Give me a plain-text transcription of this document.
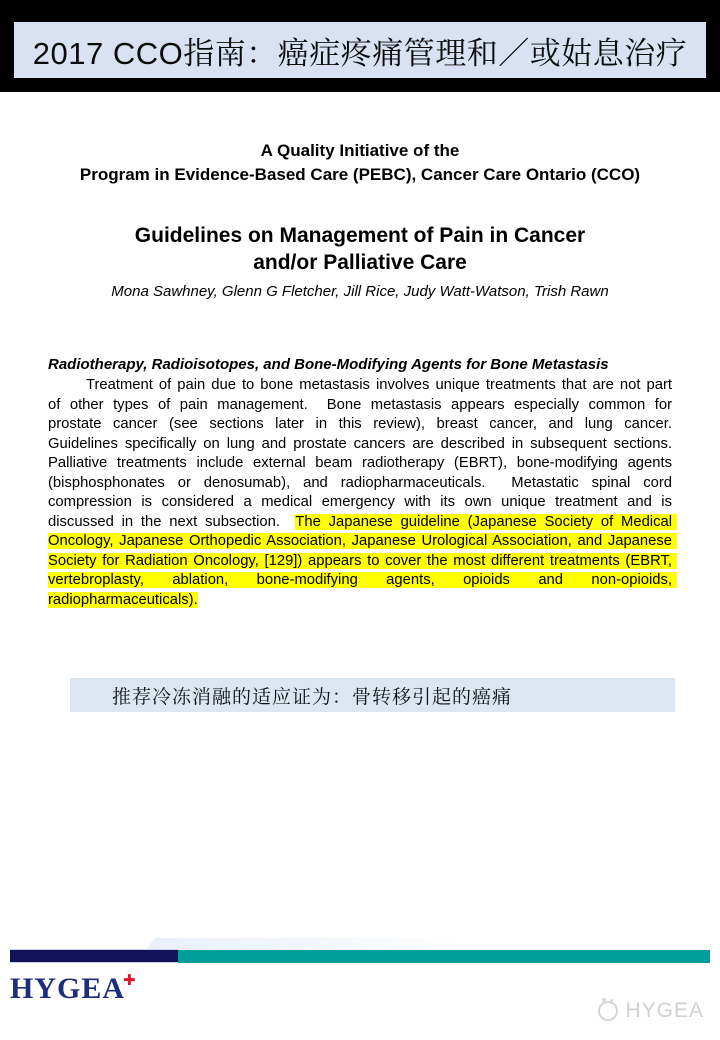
2017 CCO指南：癌症疼痛管理和／或姑息治疗
A Quality Initiative of the
Program in Evidence-Based Care (PEBC), Cancer Care Ontario (CCO)
Guidelines on Management of Pain in Cancer
and/or Palliative Care
Mona Sawhney, Glenn G Fletcher, Jill Rice, Judy Watt-Watson, Trish Rawn

Radiotherapy, Radioisotopes, and Bone-Modifying Agents for Bone Metastasis

Treatment of pain due to bone metastasis involves unique treatments that are not part of other types of pain management.  Bone metastasis appears especially common for prostate cancer (see sections later in this review), breast cancer, and lung cancer.  Guidelines specifically on lung and prostate cancers are described in subsequent sections.  Palliative treatments include external beam radiotherapy (EBRT), bone-modifying agents (bisphosphonates or denosumab), and radiopharmaceuticals.  Metastatic spinal cord compression is considered a medical emergency with its own unique treatment and is discussed in the next subsection.  The Japanese guideline (Japanese Society of Medical Oncology, Japanese Orthopedic Association, Japanese Urological Association, and Japanese Society for Radiation Oncology, [129]) appears to cover the most different treatments (EBRT, vertebroplasty, ablation, bone-modifying agents, opioids and non-opioids, radiopharmaceuticals).

推荐冷冻消融的适应证为：骨转移引起的癌痛
HYGEA✚
HYGEA
